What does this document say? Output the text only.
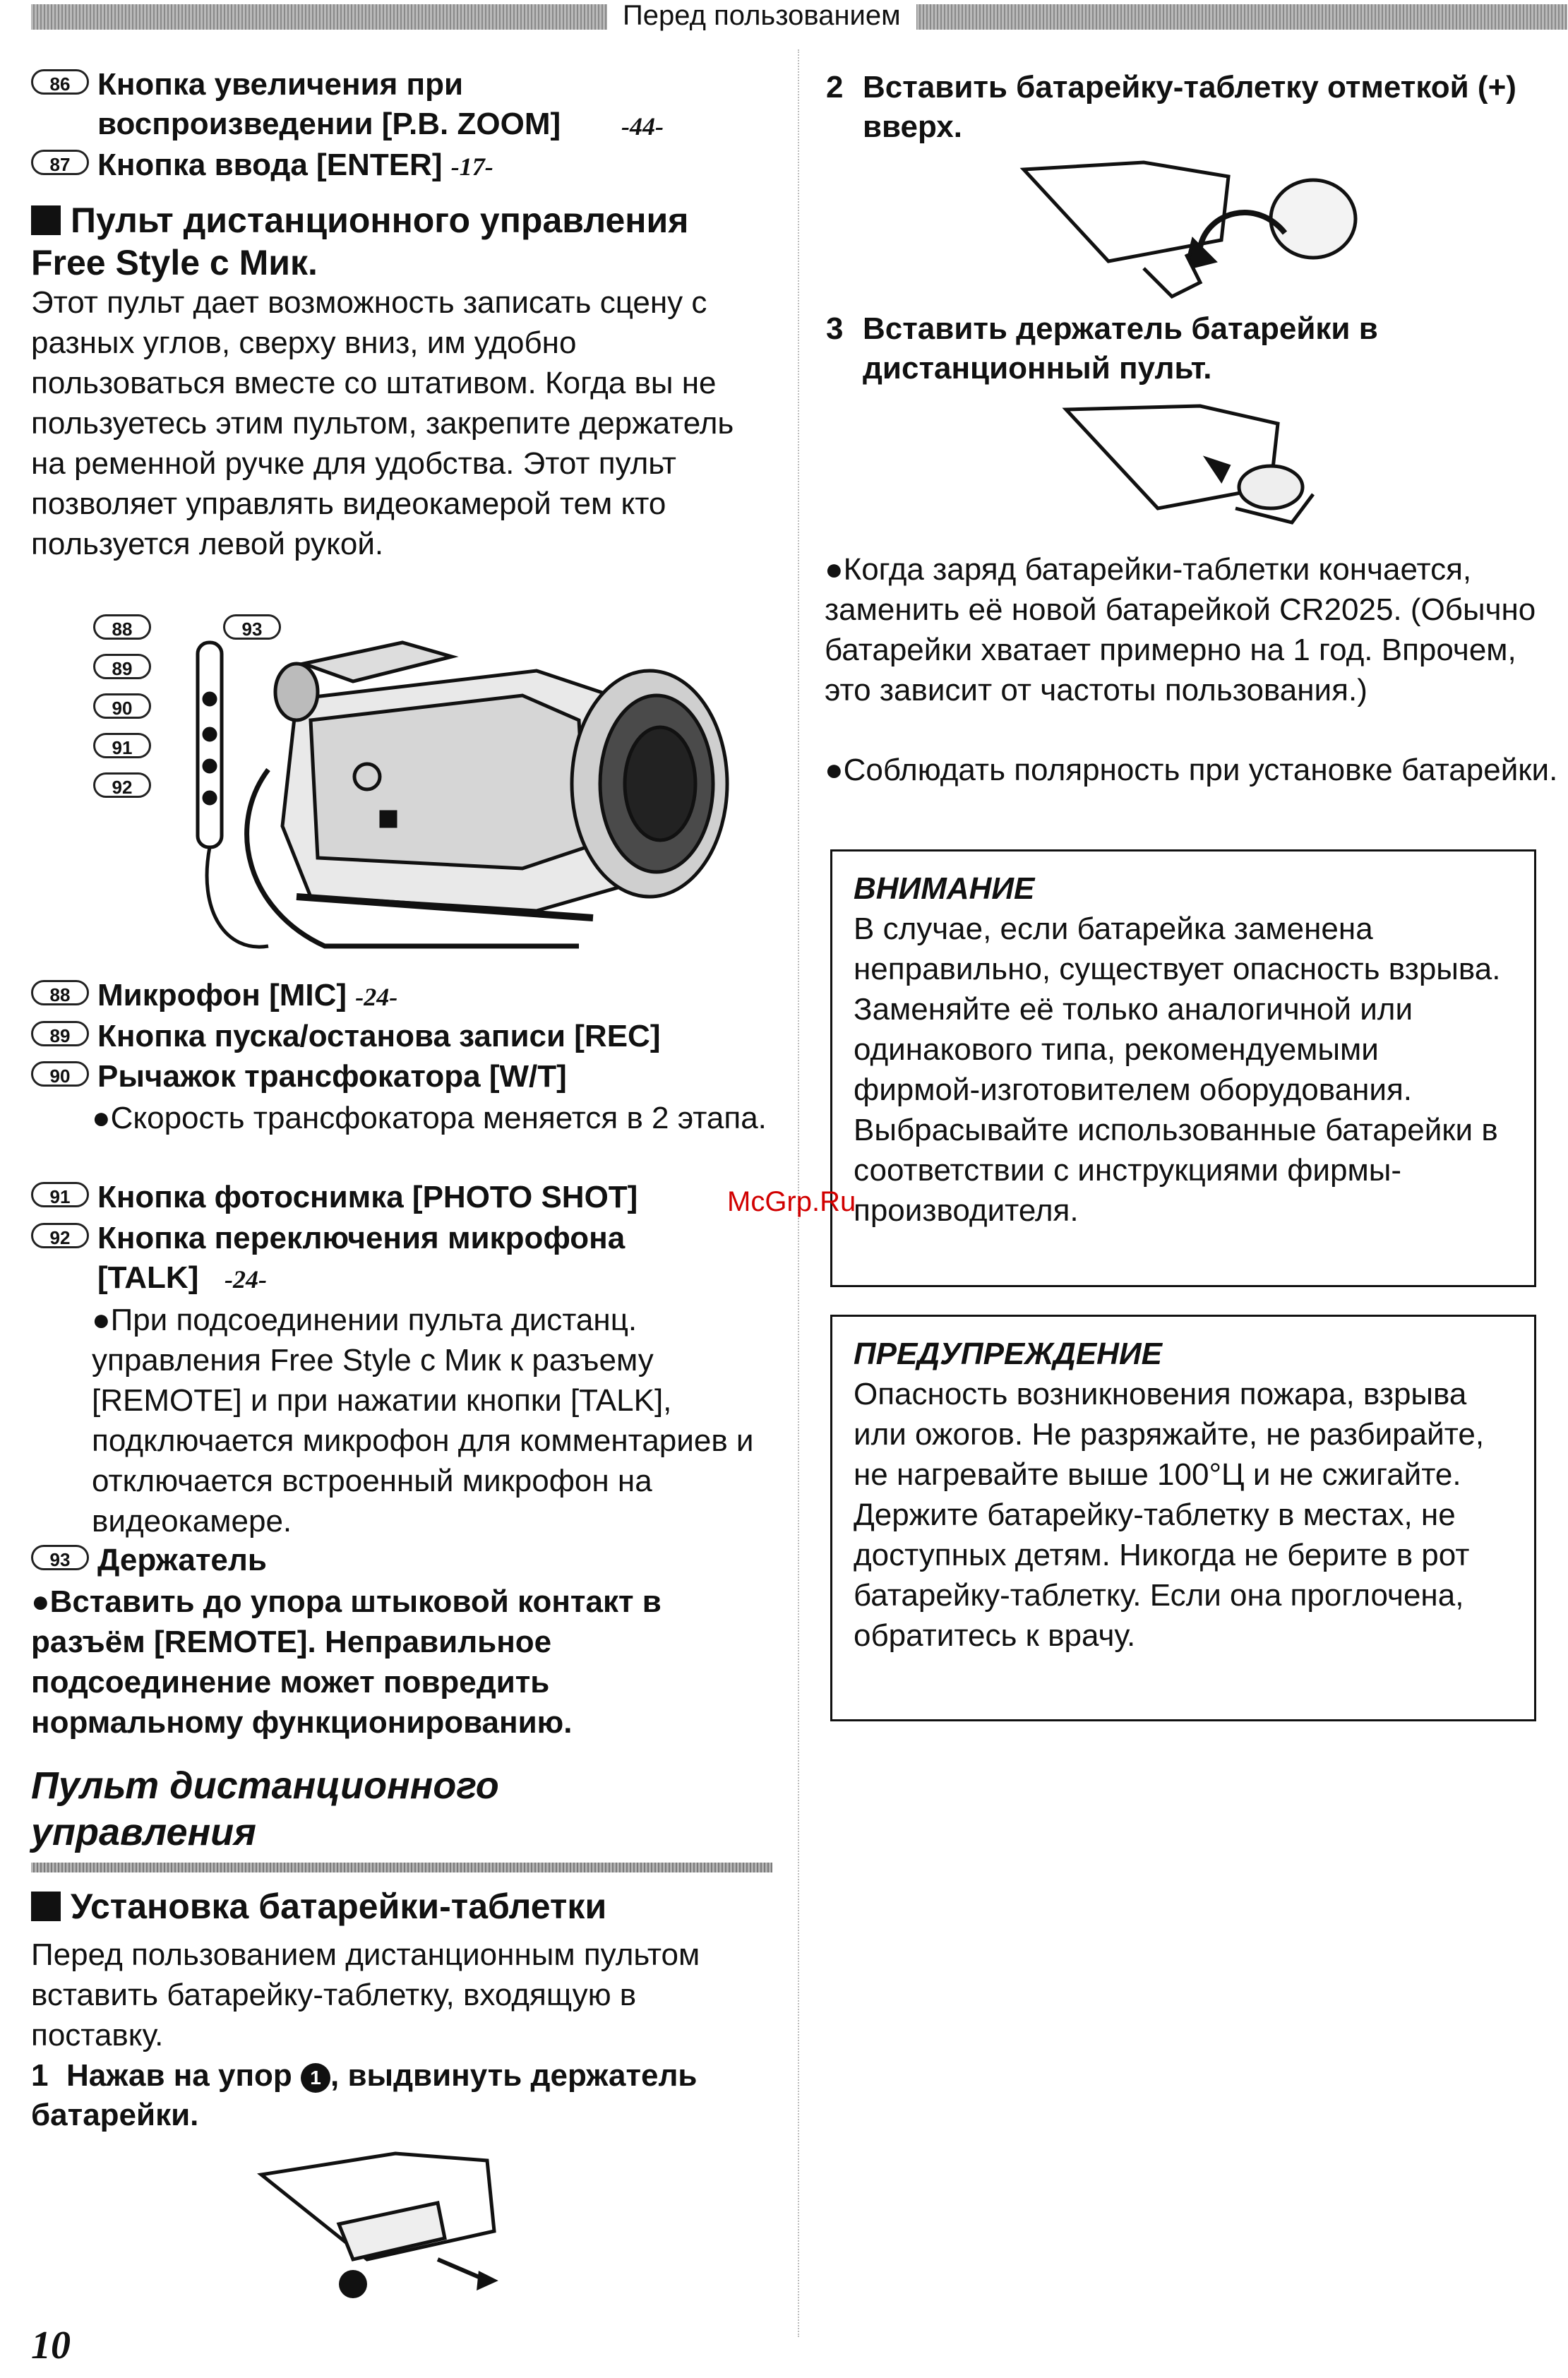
Перед пользованием
86 Кнопка увеличения при воспроизведении [P.B. ZOOM]	-44-
87 Кнопка ввода [ENTER] -17-
Пульт дистанционного управления Free Style с Мик.
Этот пульт дает возможность записать сцену с разных углов, сверху вниз, им удобно пользоваться вместе со штативом. Когда вы не пользуетесь этим пультом, закрепите держатель на ременной ручке для удобства. Этот пульт позволяет управлять видеокамерой тем кто пользуется левой рукой.
88	93
89
90
91
92
88 Микрофон [MIC] -24-
89 Кнопка пуска/останова записи [REC]
90 Рычажок трансфокатора [W/T]
●Скорость трансфокатора меняется в 2 этапа.
91 Кнопка фотоснимка [PHOTO SHOT]
92 Кнопка переключения микрофона [TALK]	-24-
●При подсоединении пульта дистанц. управления Free Style с Мик к разъему [REMOTE] и при нажатии кнопки [TALK], подключается микрофон для комментариев и отключается встроенный микрофон на видеокамере.
93 Держатель
●Вставить до упора штыковой контакт в разъём [REMOTE]. Неправильное подсоединение может повредить нормальному функционированию.
Пульт дистанционного управления
Установка батарейки-таблетки
Перед пользованием дистанционным пультом вставить батарейку-таблетку, входящую в поставку.
1 Нажав на упор 1 , выдвинуть держатель батарейки.
2 Вставить батарейку-таблетку отметкой (+) вверх.
3 Вставить держатель батарейки в дистанционный пульт.
●Когда заряд батарейки-таблетки кончается, заменить её новой батарейкой CR2025. (Обычно батарейки хватает примерно на 1 год. Впрочем, это зависит от частоты пользования.)
●Соблюдать полярность при установке батарейки.
ВНИМАНИЕ
В случае, если батарейка заменена неправильно, существует опасность взрыва. Заменяйте её только аналогичной или одинакового типа, рекомендуемыми фирмой-изготовителем оборудования. Выбрасывайте использованные батарейки в соответствии с инструкциями фирмы-производителя.
ПРЕДУПРЕЖДЕНИЕ
Опасность возникновения пожара, взрыва или ожогов. Не разряжайте, не разбирайте, не нагревайте выше 100°Ц и не сжигайте. Держите батарейку-таблетку в местах, не доступных детям. Никогда не берите в рот батарейку-таблетку. Если она проглочена, обратитесь к врачу.
McGrp.Ru
10
